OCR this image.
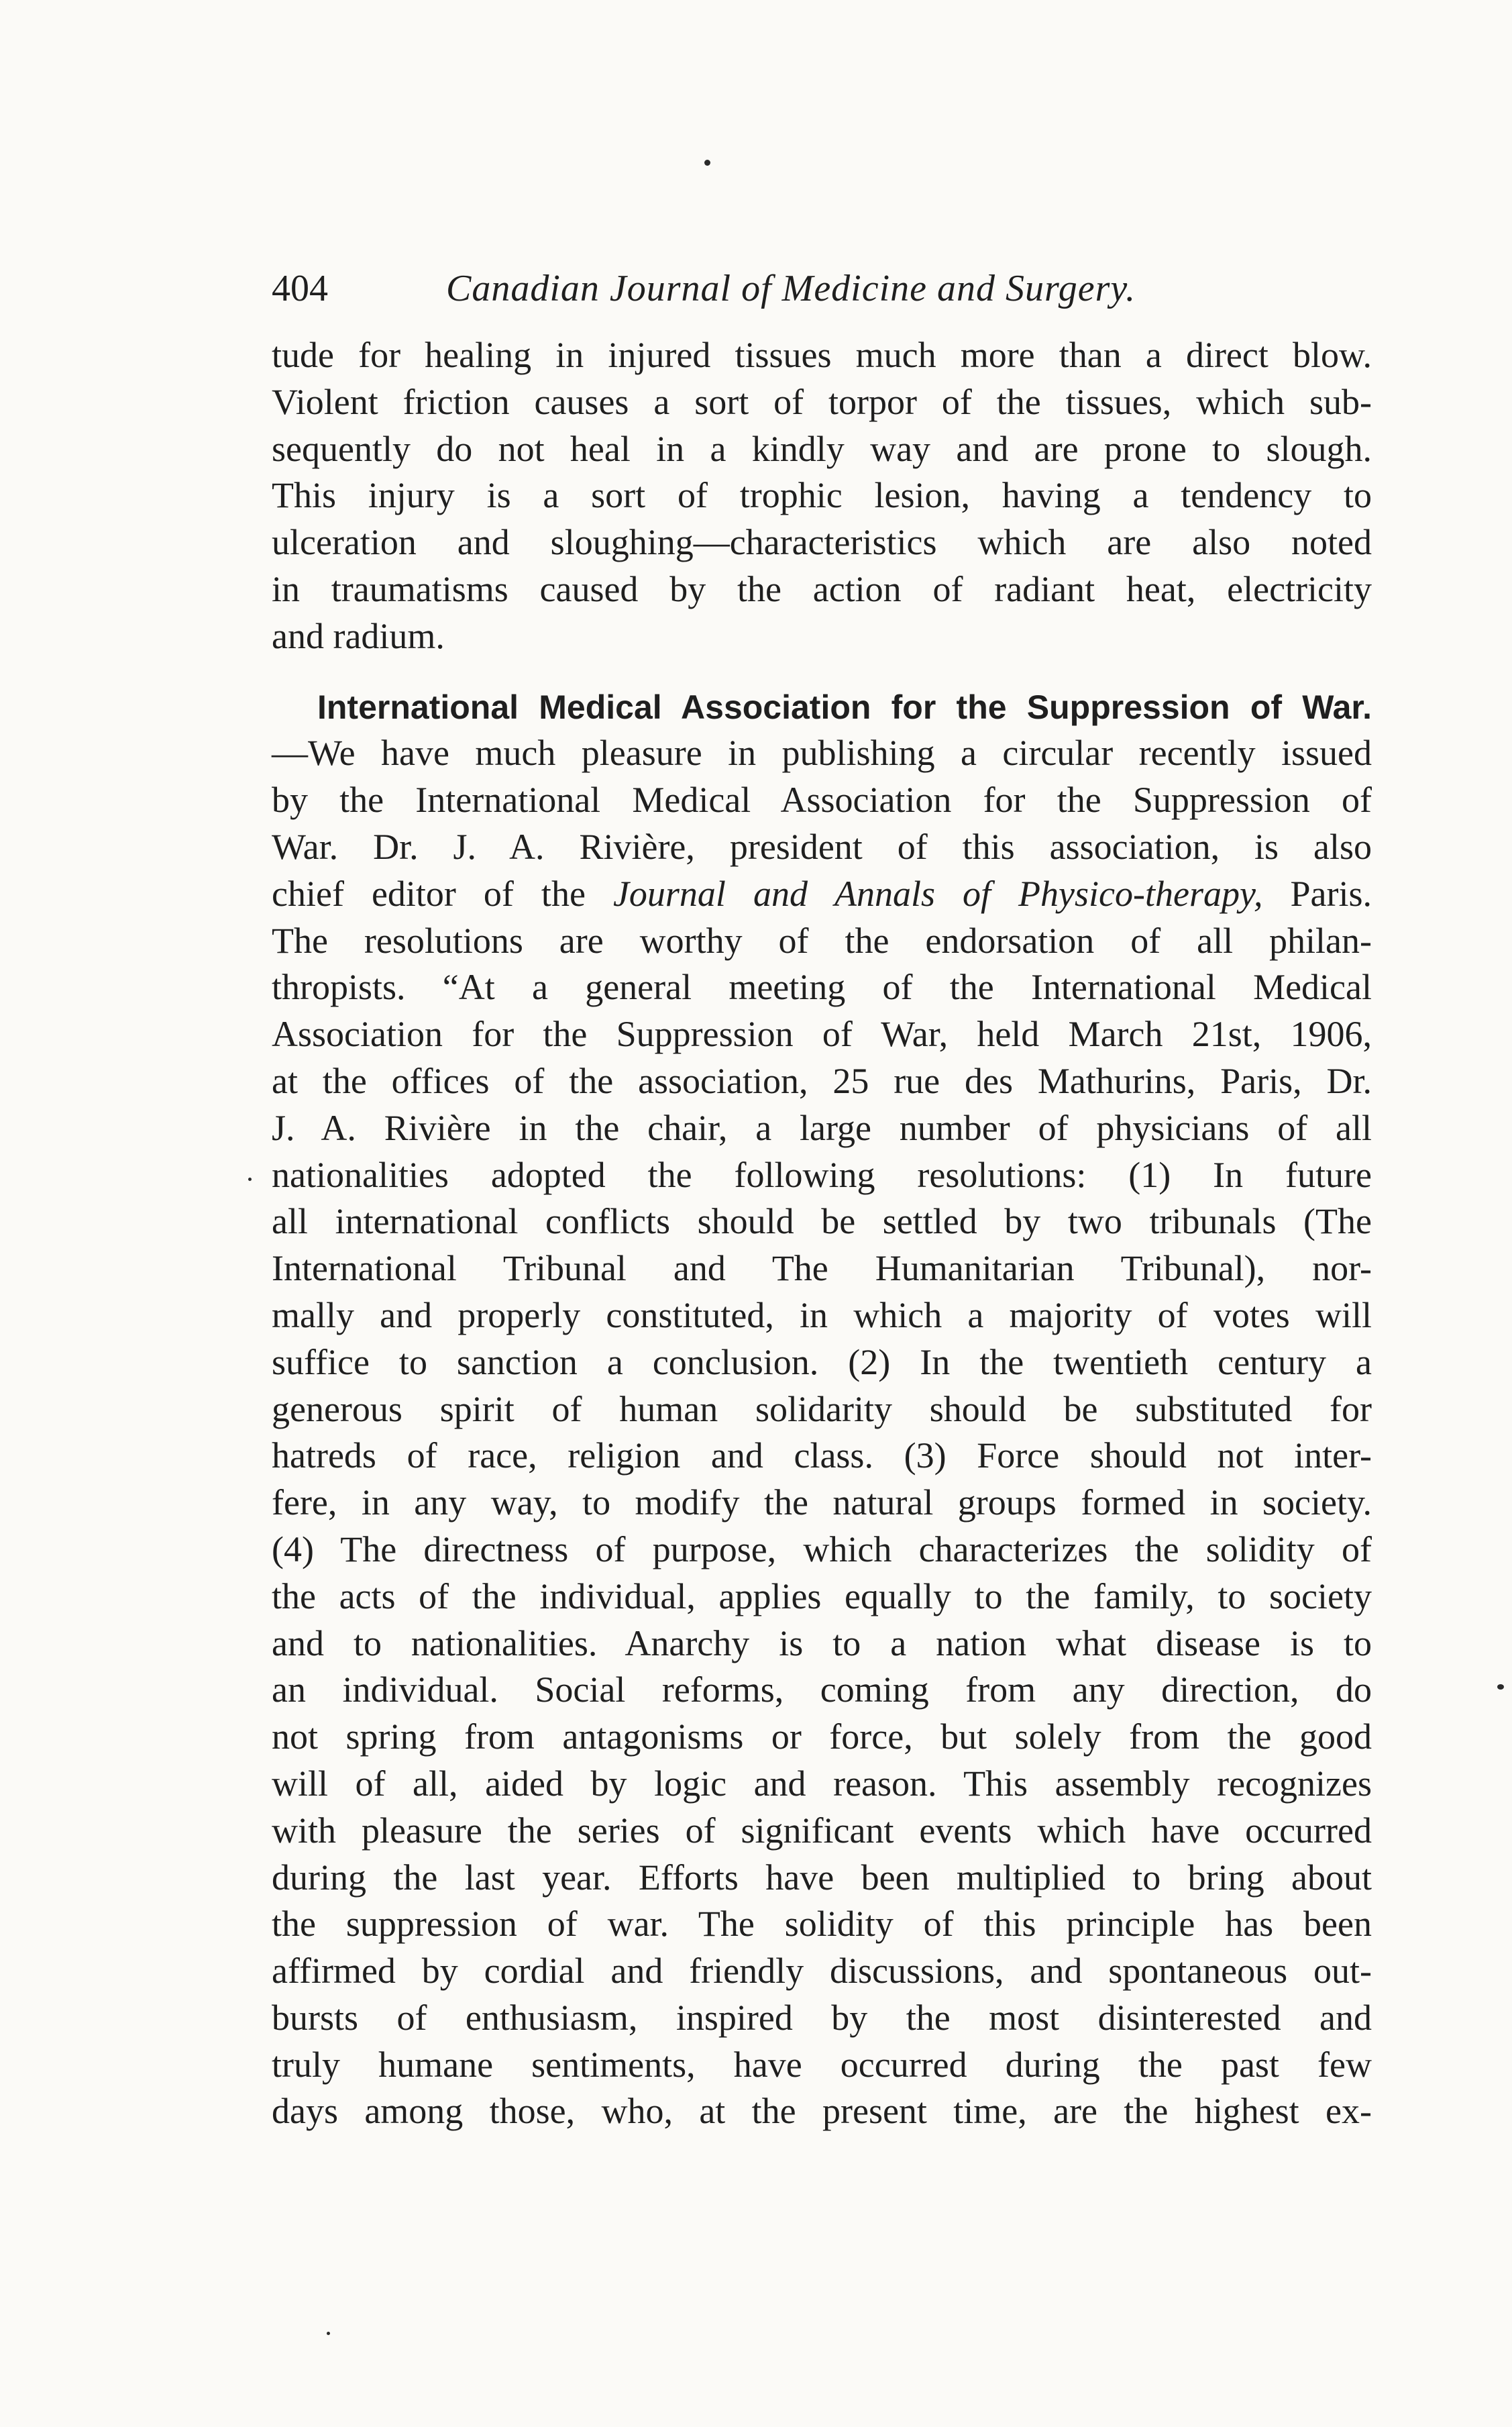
404	Canadian Journal of Medicine and Surgery.
tude for healing in injured tissues much more than a direct blow.
Violent friction causes a sort of torpor of the tissues, which sub-
sequently do not heal in a kindly way and are prone to slough.
This injury is a sort of trophic lesion, having a tendency to
ulceration and sloughing—characteristics which are also noted
in traumatisms caused by the action of radiant heat, electricity
and radium.
International Medical Association for the Suppression of War.
—We have much pleasure in publishing a circular recently issued
by the International Medical Association for the Suppression of
War. Dr. J. A. Rivière, president of this association, is also
chief editor of the Journal and Annals of Physico-therapy, Paris.
The resolutions are worthy of the endorsation of all philan-
thropists. “At a general meeting of the International Medical
Association for the Suppression of War, held March 21st, 1906,
at the offices of the association, 25 rue des Mathurins, Paris, Dr.
J. A. Rivière in the chair, a large number of physicians of all
nationalities adopted the following resolutions: (1) In future
all international conflicts should be settled by two tribunals (The
International Tribunal and The Humanitarian Tribunal), nor-
mally and properly constituted, in which a majority of votes will
suffice to sanction a conclusion. (2) In the twentieth century a
generous spirit of human solidarity should be substituted for
hatreds of race, religion and class. (3) Force should not inter-
fere, in any way, to modify the natural groups formed in society.
(4) The directness of purpose, which characterizes the solidity of
the acts of the individual, applies equally to the family, to society
and to nationalities. Anarchy is to a nation what disease is to
an individual. Social reforms, coming from any direction, do
not spring from antagonisms or force, but solely from the good
will of all, aided by logic and reason. This assembly recognizes
with pleasure the series of significant events which have occurred
during the last year. Efforts have been multiplied to bring about
the suppression of war. The solidity of this principle has been
affirmed by cordial and friendly discussions, and spontaneous out-
bursts of enthusiasm, inspired by the most disinterested and
truly humane sentiments, have occurred during the past few
days among those, who, at the present time, are the highest ex-
